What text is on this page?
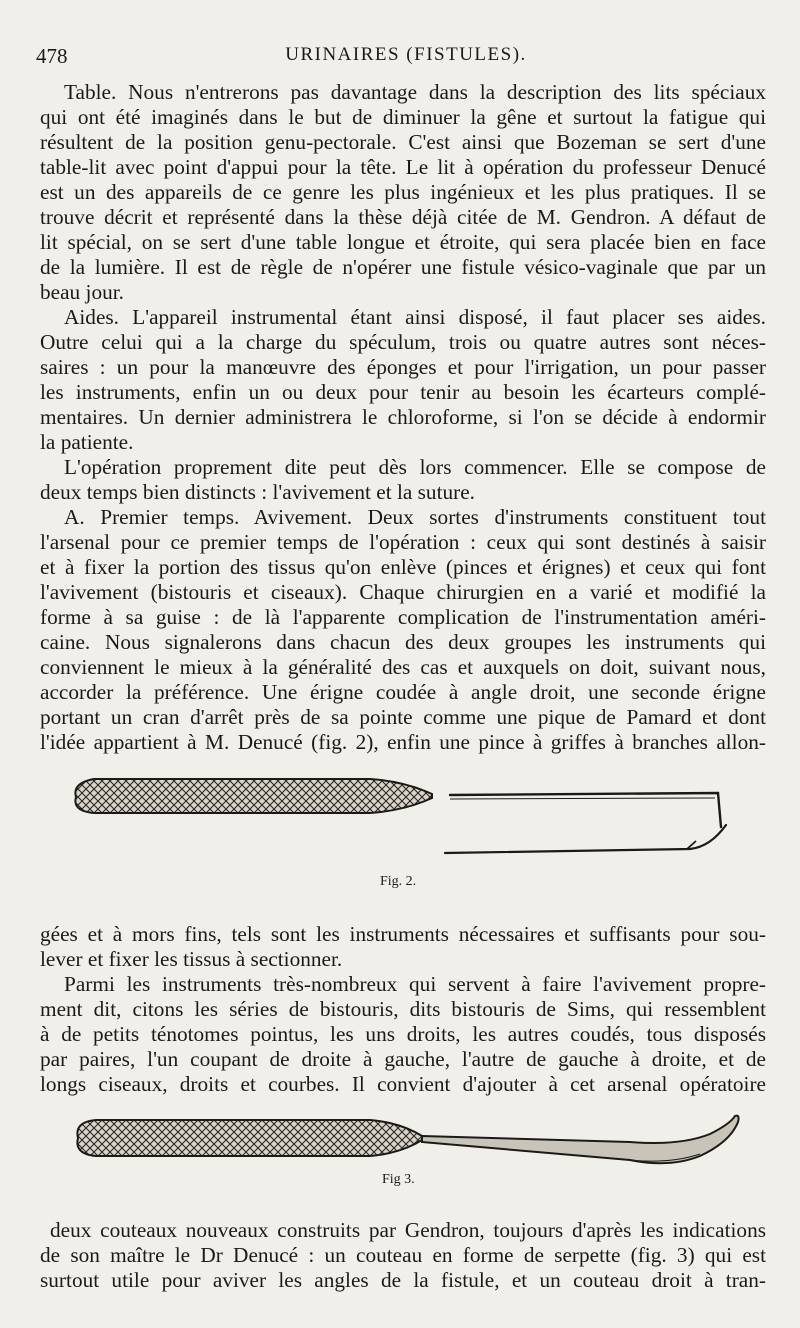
478	URINAIRES (FISTULES).
Table. Nous n'entrerons pas davantage dans la description des lits spéciaux
qui ont été imaginés dans le but de diminuer la gêne et surtout la fatigue qui
résultent de la position genu-pectorale. C'est ainsi que Bozeman se sert d'une
table-lit avec point d'appui pour la tête. Le lit à opération du professeur Denucé
est un des appareils de ce genre les plus ingénieux et les plus pratiques. Il se
trouve décrit et représenté dans la thèse déjà citée de M. Gendron. A défaut de
lit spécial, on se sert d'une table longue et étroite, qui sera placée bien en face
de la lumière. Il est de règle de n'opérer une fistule vésico-vaginale que par un
beau jour.
Aides. L'appareil instrumental étant ainsi disposé, il faut placer ses aides.
Outre celui qui a la charge du spéculum, trois ou quatre autres sont néces-
saires : un pour la manœuvre des éponges et pour l'irrigation, un pour passer
les instruments, enfin un ou deux pour tenir au besoin les écarteurs complé-
mentaires. Un dernier administrera le chloroforme, si l'on se décide à endormir
la patiente.
L'opération proprement dite peut dès lors commencer. Elle se compose de
deux temps bien distincts : l'avivement et la suture.
A. Premier temps. Avivement. Deux sortes d'instruments constituent tout
l'arsenal pour ce premier temps de l'opération : ceux qui sont destinés à saisir
et à fixer la portion des tissus qu'on enlève (pinces et érignes) et ceux qui font
l'avivement (bistouris et ciseaux). Chaque chirurgien en a varié et modifié la
forme à sa guise : de là l'apparente complication de l'instrumentation améri-
caine. Nous signalerons dans chacun des deux groupes les instruments qui
conviennent le mieux à la généralité des cas et auxquels on doit, suivant nous,
accorder la préférence. Une érigne coudée à angle droit, une seconde érigne
portant un cran d'arrêt près de sa pointe comme une pique de Pamard et dont
l'idée appartient à M. Denucé (fig. 2), enfin une pince à griffes à branches allon-
Fig. 2.
gées et à mors fins, tels sont les instruments nécessaires et suffisants pour sou-
lever et fixer les tissus à sectionner.
Parmi les instruments très-nombreux qui servent à faire l'avivement propre-
ment dit, citons les séries de bistouris, dits bistouris de Sims, qui ressemblent
à de petits ténotomes pointus, les uns droits, les autres coudés, tous disposés
par paires, l'un coupant de droite à gauche, l'autre de gauche à droite, et de
longs ciseaux, droits et courbes. Il convient d'ajouter à cet arsenal opératoire
Fig 3.
deux couteaux nouveaux construits par Gendron, toujours d'après les indications
de son maître le Dr Denucé : un couteau en forme de serpette (fig. 3) qui est
surtout utile pour aviver les angles de la fistule, et un couteau droit à tran-
